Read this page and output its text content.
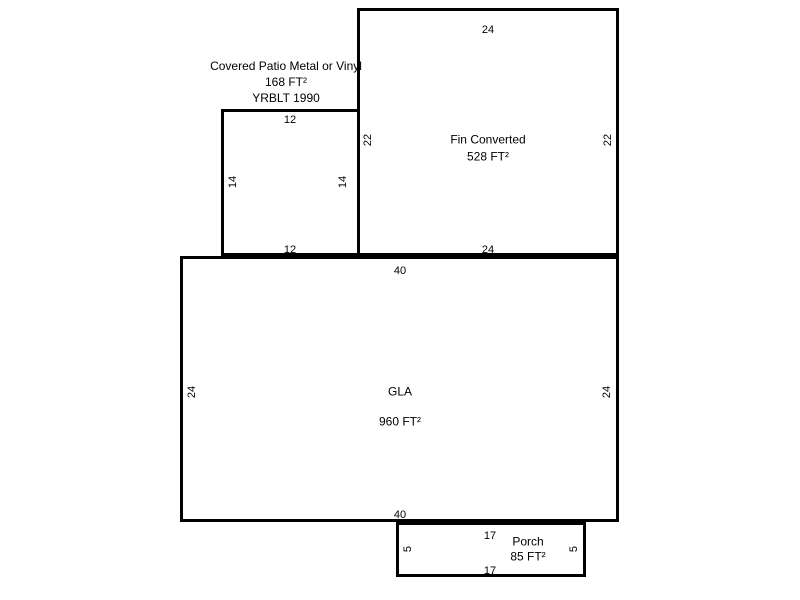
Covered Patio Metal or Vinyl
168 FT²
YRBLT 1990
Fin Converted
528 FT²
GLA
960 FT²
Porch
85 FT²
24
24
22	22
12
12
14	14
40
40
24	24
17
17
5	5
